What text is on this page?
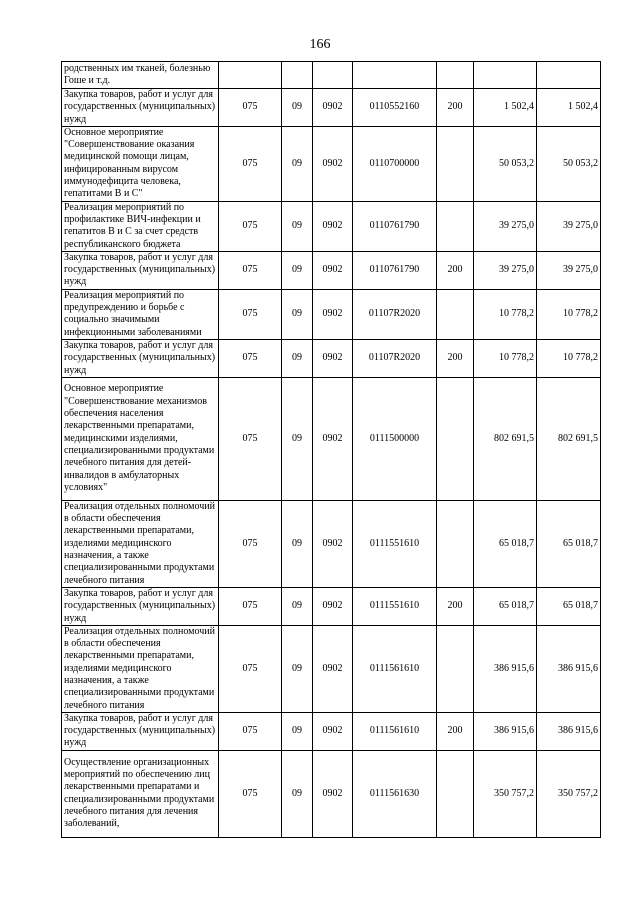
166
родственных им тканей, болезнью Гоше и т.д.							
Закупка товаров, работ и услуг для государственных (муниципальных) нужд	075	09	0902	0110552160	200	1 502,4	1 502,4
Основное мероприятие "Совершенствование оказания медицинской помощи лицам, инфицированным вирусом иммунодефицита человека, гепатитами В и С"	075	09	0902	0110700000		50 053,2	50 053,2
Реализация мероприятий по профилактике ВИЧ-инфекции и гепатитов В и С за счет средств республиканского бюджета	075	09	0902	0110761790		39 275,0	39 275,0
Закупка товаров, работ и услуг для государственных (муниципальных) нужд	075	09	0902	0110761790	200	39 275,0	39 275,0
Реализация мероприятий по предупреждению и борьбе с социально значимыми инфекционными заболеваниями	075	09	0902	01107R2020		10 778,2	10 778,2
Закупка товаров, работ и услуг для государственных (муниципальных) нужд	075	09	0902	01107R2020	200	10 778,2	10 778,2
Основное мероприятие "Совершенствование механизмов обеспечения населения лекарственными препаратами, медицинскими изделиями, специализированными продуктами лечебного питания для детей-инвалидов в амбулаторных условиях"	075	09	0902	0111500000		802 691,5	802 691,5
Реализация отдельных полномочий в области обеспечения лекарственными препаратами, изделиями медицинского назначения, а также специализированными продуктами лечебного питания	075	09	0902	0111551610		65 018,7	65 018,7
Закупка товаров, работ и услуг для государственных (муниципальных) нужд	075	09	0902	0111551610	200	65 018,7	65 018,7
Реализация отдельных полномочий в области обеспечения лекарственными препаратами, изделиями медицинского назначения, а также специализированными продуктами лечебного питания	075	09	0902	0111561610		386 915,6	386 915,6
Закупка товаров, работ и услуг для государственных (муниципальных) нужд	075	09	0902	0111561610	200	386 915,6	386 915,6
Осуществление организационных мероприятий по обеспечению лиц лекарственными препаратами и специализированными продуктами лечебного питания для лечения заболеваний,	075	09	0902	0111561630		350 757,2	350 757,2
